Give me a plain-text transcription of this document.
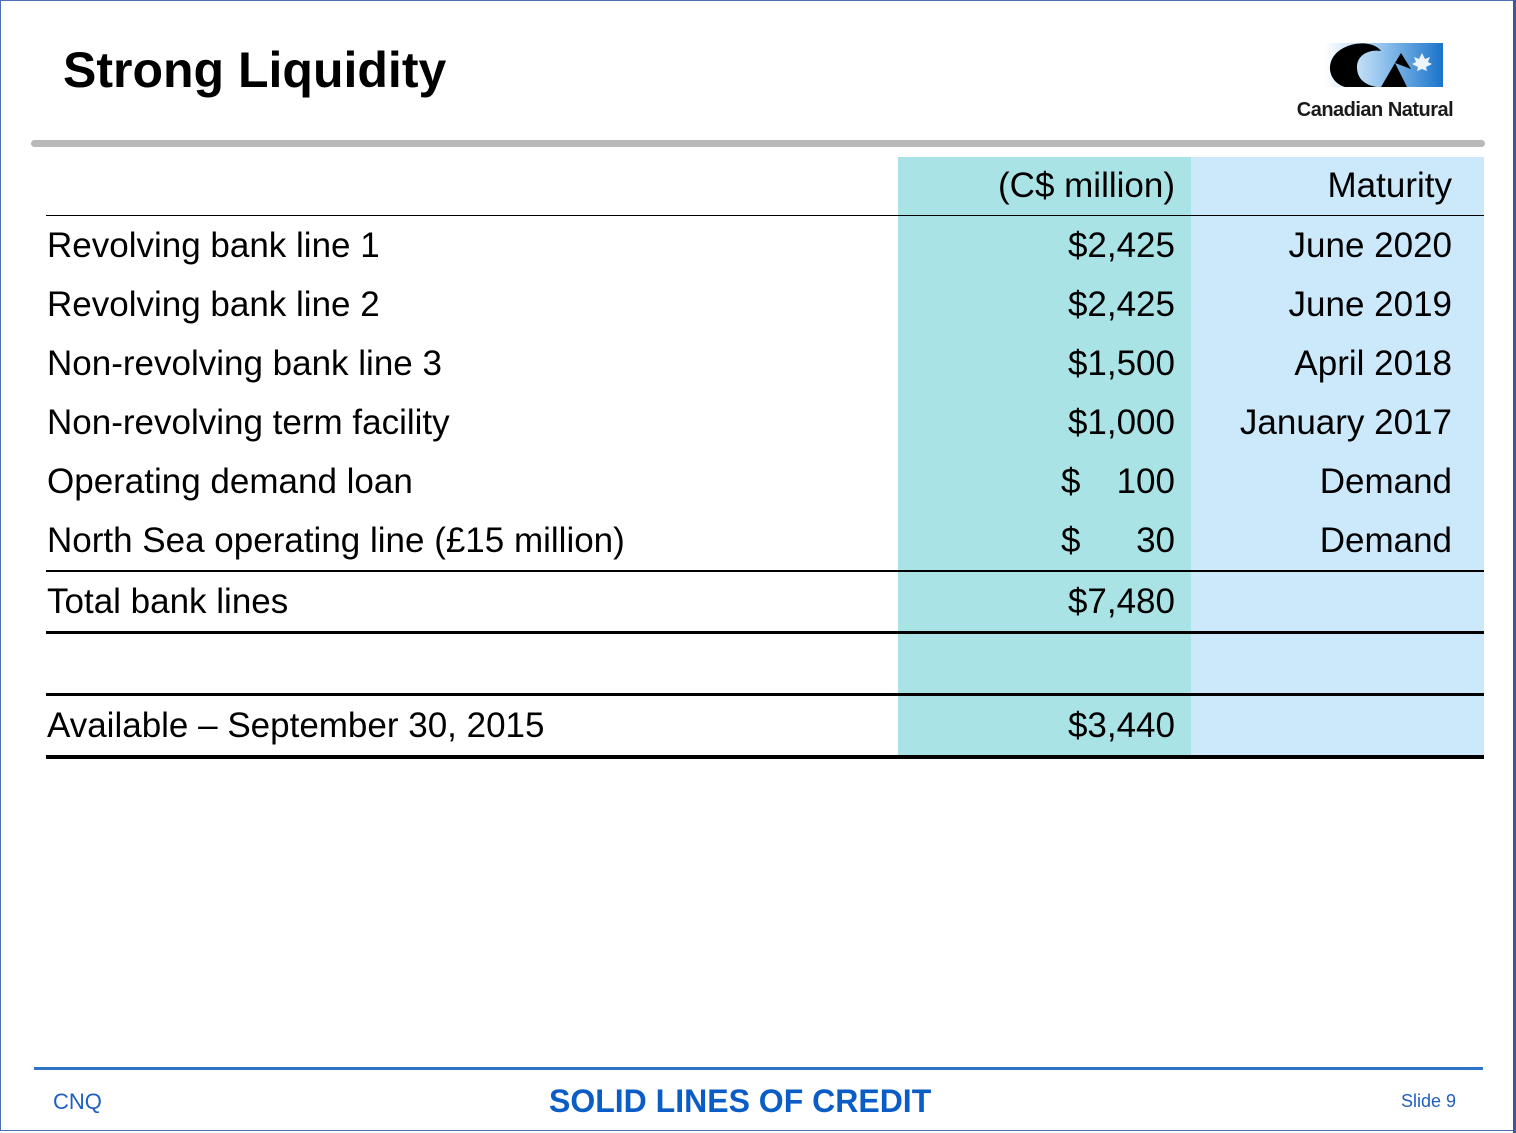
Strong Liquidity
Canadian Natural
	(C$ million)	Maturity
Revolving bank line 1	$2,425	June 2020
Revolving bank line 2	$2,425	June 2019
Non-revolving bank line 3	$1,500	April 2018
Non-revolving term facility	$1,000	January 2017
Operating demand loan	$ 100	Demand
North Sea operating line (£15 million)	$ 30	Demand
Total bank lines	$7,480	

Available – September 30, 2015	$3,440	
CNQ	SOLID LINES OF CREDIT	Slide 9
